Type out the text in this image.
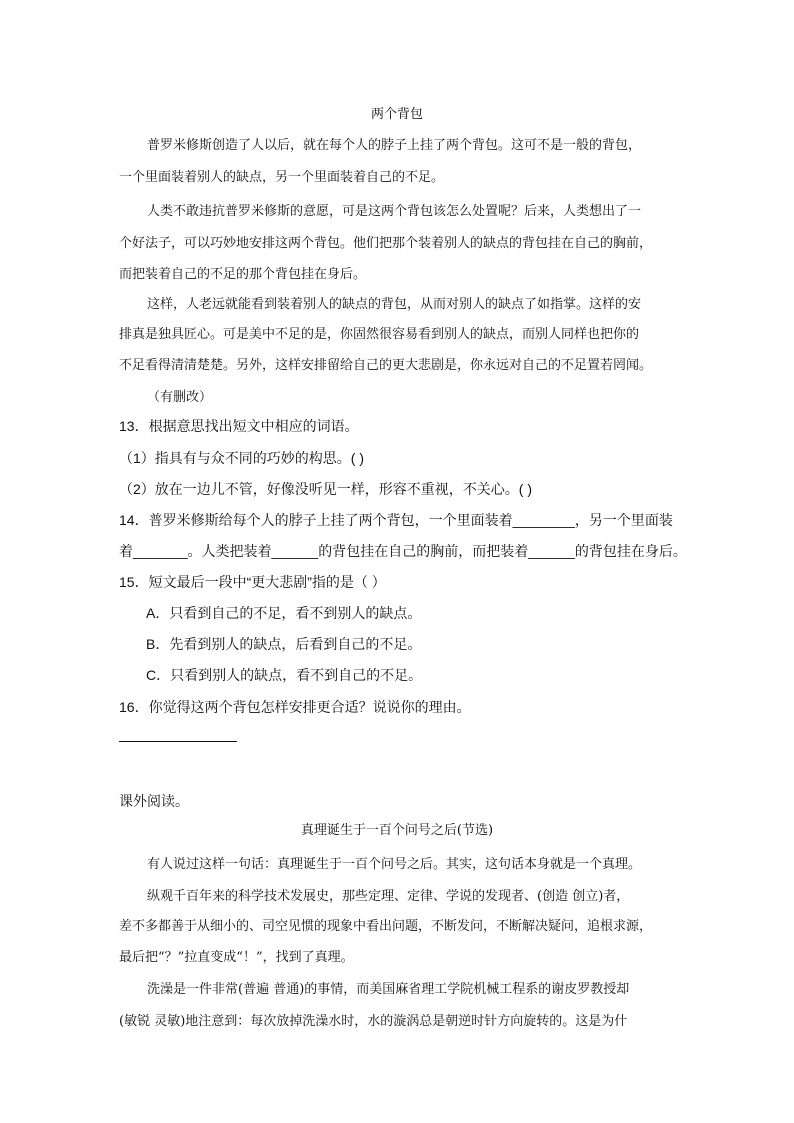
两个背包
普罗米修斯创造了人以后，就在每个人的脖子上挂了两个背包。这可不是一般的背包，
一个里面装着别人的缺点，另一个里面装着自己的不足。
人类不敢违抗普罗米修斯的意愿，可是这两个背包该怎么处置呢？后来，人类想出了一
个好法子，可以巧妙地安排这两个背包。他们把那个装着别人的缺点的背包挂在自己的胸前，
而把装着自己的不足的那个背包挂在身后。
这样，人老远就能看到装着别人的缺点的背包，从而对别人的缺点了如指掌。这样的安
排真是独具匠心。可是美中不足的是，你固然很容易看到别人的缺点，而别人同样也把你的
不足看得清清楚楚。另外，这样安排留给自己的更大悲剧是，你永远对自己的不足置若罔闻。
（有删改）
13．根据意思找出短文中相应的词语。
（1）指具有与众不同的巧妙的构思。( )
（2）放在一边儿不管，好像没听见一样，形容不重视，不关心。( )
14．普罗米修斯给每个人的脖子上挂了两个背包，一个里面装着________，另一个里面装
着_______。人类把装着______的背包挂在自己的胸前，而把装着______的背包挂在身后。
15．短文最后一段中“更大悲剧”指的是（ ）
A．只看到自己的不足，看不到别人的缺点。
B．先看到别人的缺点，后看到自己的不足。
C．只看到别人的缺点，看不到自己的不足。
16．你觉得这两个背包怎样安排更合适？说说你的理由。
课外阅读。
真理诞生于一百个问号之后(节选)
有人说过这样一句话：真理诞生于一百个问号之后。其实，这句话本身就是一个真理。
纵观千百年来的科学技术发展史，那些定理、定律、学说的发现者、(创造 创立)者，
差不多都善于从细小的、司空见惯的现象中看出问题，不断发问，不断解决疑问，追根求源，
最后把“？”拉直变成“！”，找到了真理。
洗澡是一件非常(普遍 普通)的事情，而美国麻省理工学院机械工程系的谢皮罗教授却
(敏锐 灵敏)地注意到：每次放掉洗澡水时，水的漩涡总是朝逆时针方向旋转的。这是为什
